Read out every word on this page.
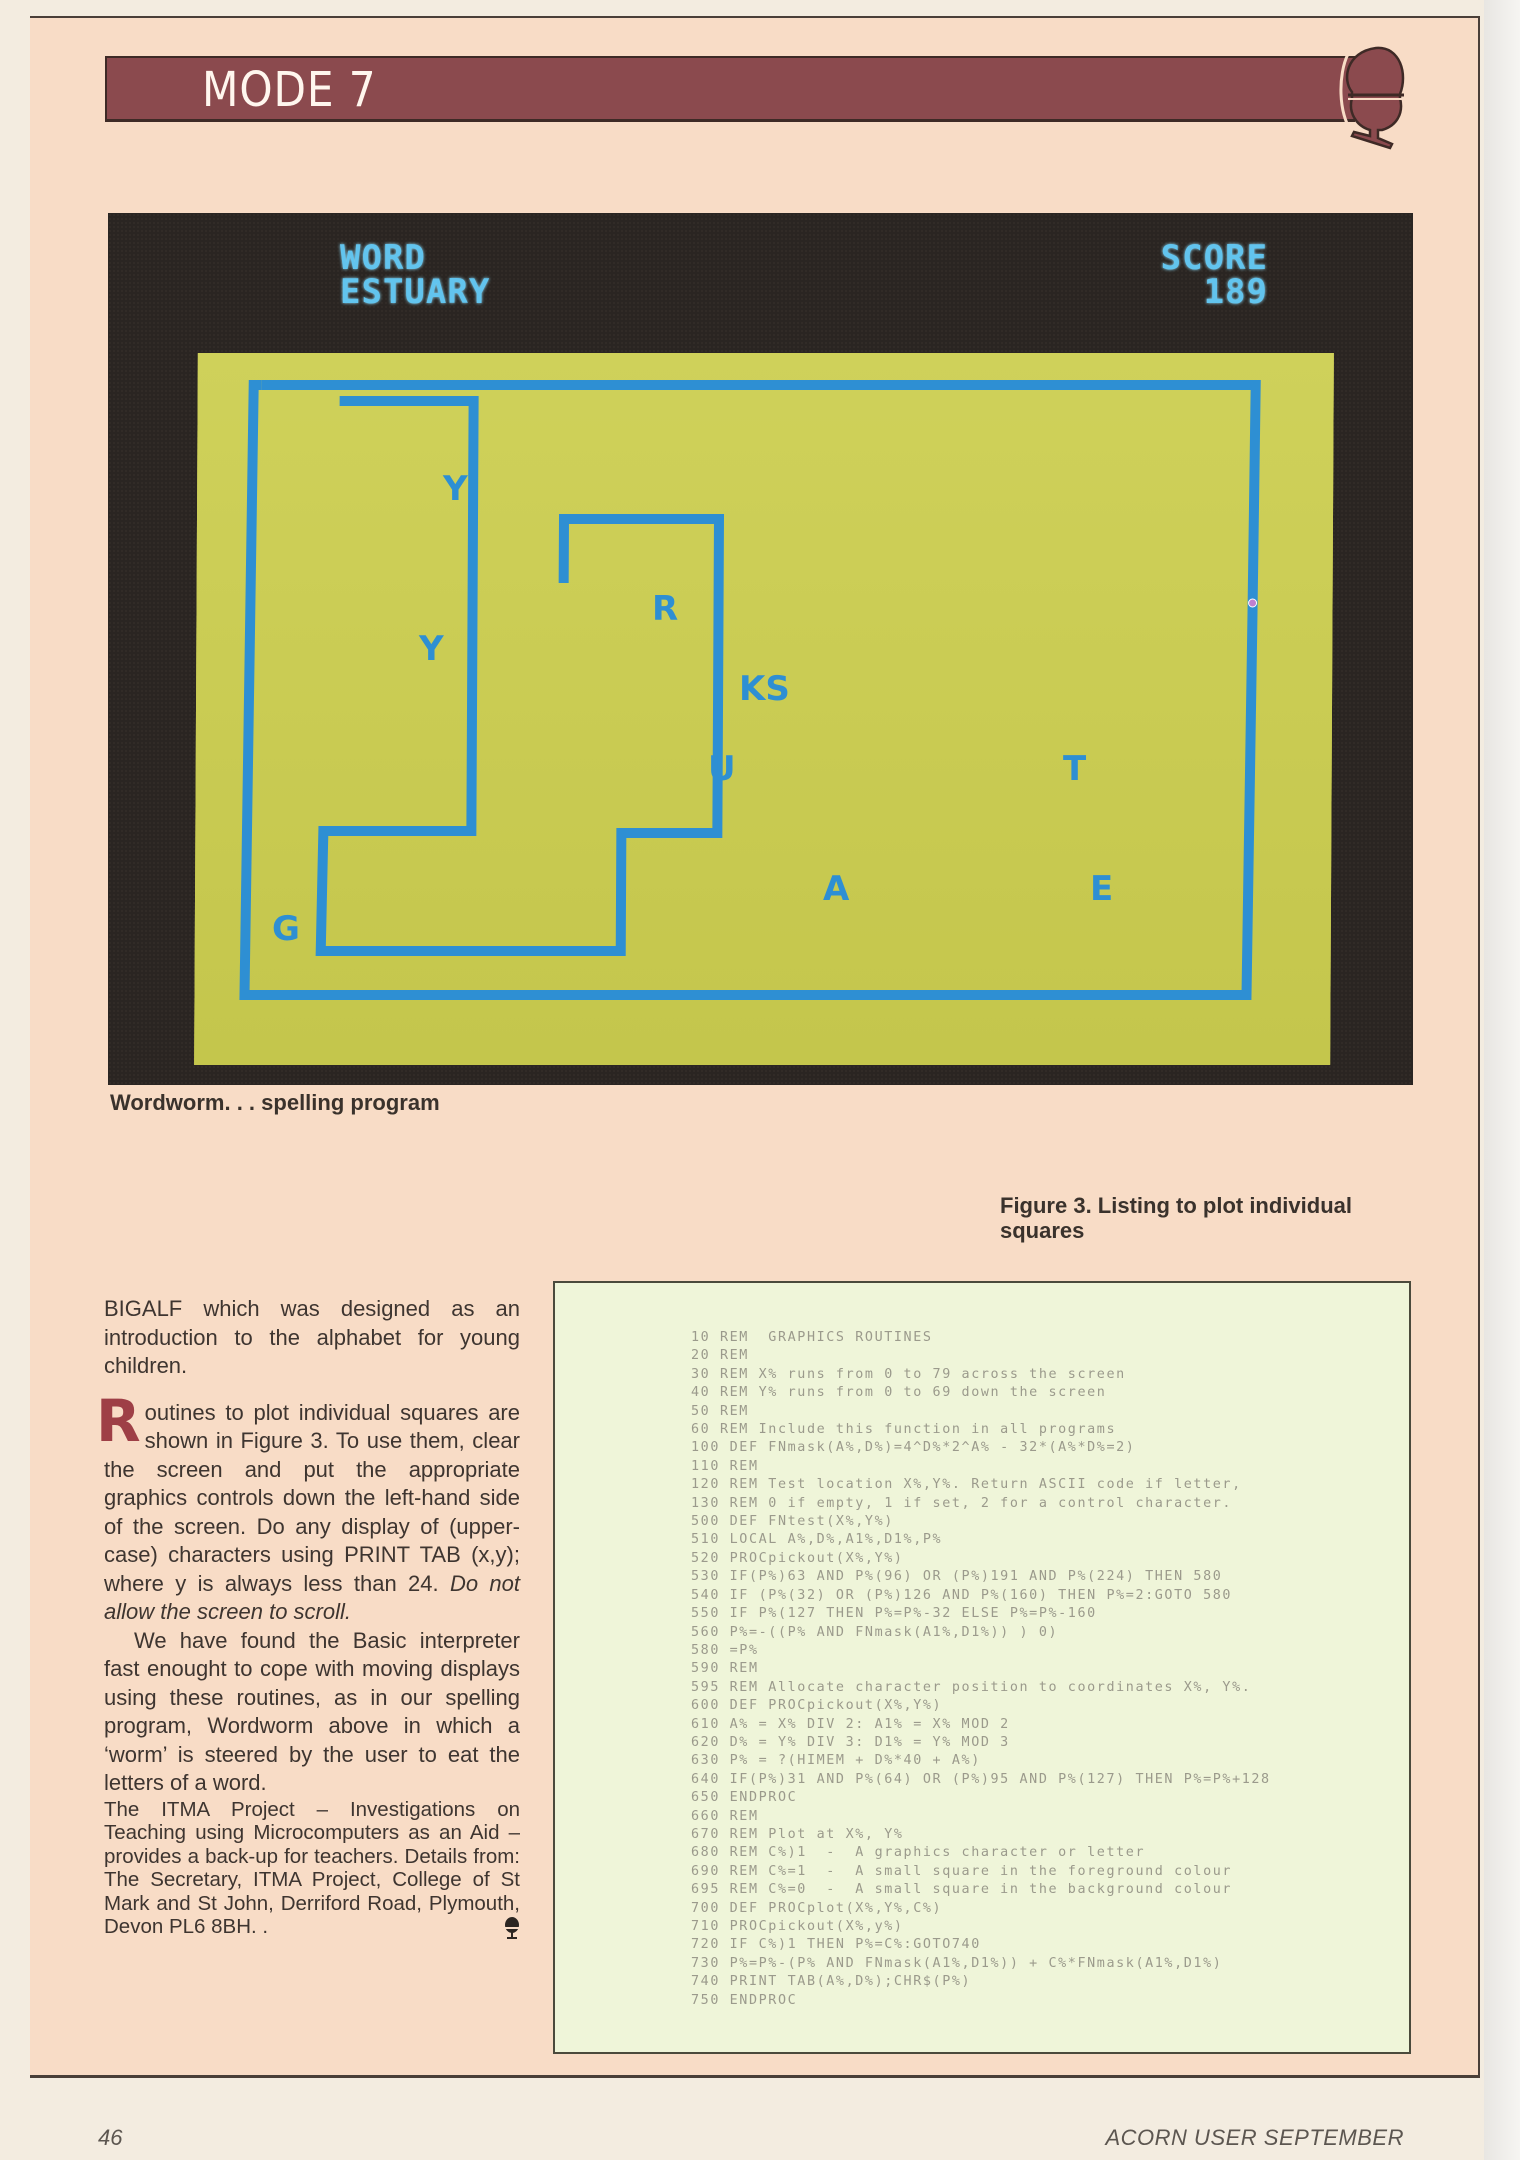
MODE 7
WORD
ESTUARY
SCORE
189
Y
R
Y
KS
U	T
A	E
G
Wordworm. . . spelling program
Figure 3. Listing to plot individual squares

BIGALF which was designed as an introduction to the alphabet for young children.

Routines to plot individual squares are shown in Figure 3. To use them, clear the screen and put the appropriate graphics controls down the left-hand side of the screen. Do any display of (upper-case) characters using PRINT TAB (x,y); where y is always less than 24. Do not allow the screen to scroll.

We have found the Basic interpreter fast enought to cope with moving displays using these routines, as in our spelling program, Wordworm above in which a ‘worm’ is steered by the user to eat the letters of a word.

The ITMA Project – Investigations on Teaching using Microcomputers as an Aid – provides a back-up for teachers. Details from: The Secretary, ITMA Project, College of St Mark and St John, Derriford Road, Plymouth, Devon PL6 8BH. .

10 REM  GRAPHICS ROUTINES
20 REM
30 REM X% runs from 0 to 79 across the screen
40 REM Y% runs from 0 to 69 down the screen
50 REM
60 REM Include this function in all programs
100 DEF FNmask(A%,D%)=4^D%*2^A% - 32*(A%*D%=2)
110 REM
120 REM Test location X%,Y%. Return ASCII code if letter,
130 REM 0 if empty, 1 if set, 2 for a control character.
500 DEF FNtest(X%,Y%)
510 LOCAL A%,D%,A1%,D1%,P%
520 PROCpickout(X%,Y%)
530 IF(P%)63 AND P%(96) OR (P%)191 AND P%(224) THEN 580
540 IF (P%(32) OR (P%)126 AND P%(160) THEN P%=2:GOTO 580
550 IF P%(127 THEN P%=P%-32 ELSE P%=P%-160
560 P%=-((P% AND FNmask(A1%,D1%)) ) 0)
580 =P%
590 REM
595 REM Allocate character position to coordinates X%, Y%.
600 DEF PROCpickout(X%,Y%)
610 A% = X% DIV 2: A1% = X% MOD 2
620 D% = Y% DIV 3: D1% = Y% MOD 3
630 P% = ?(HIMEM + D%*40 + A%)
640 IF(P%)31 AND P%(64) OR (P%)95 AND P%(127) THEN P%=P%+128
650 ENDPROC
660 REM
670 REM Plot at X%, Y%
680 REM C%)1  -  A graphics character or letter
690 REM C%=1  -  A small square in the foreground colour
695 REM C%=0  -  A small square in the background colour
700 DEF PROCplot(X%,Y%,C%)
710 PROCpickout(X%,y%)
720 IF C%)1 THEN P%=C%:GOTO740
730 P%=P%-(P% AND FNmask(A1%,D1%)) + C%*FNmask(A1%,D1%)
740 PRINT TAB(A%,D%);CHR$(P%)
750 ENDPROC
46	ACORN USER SEPTEMBER
